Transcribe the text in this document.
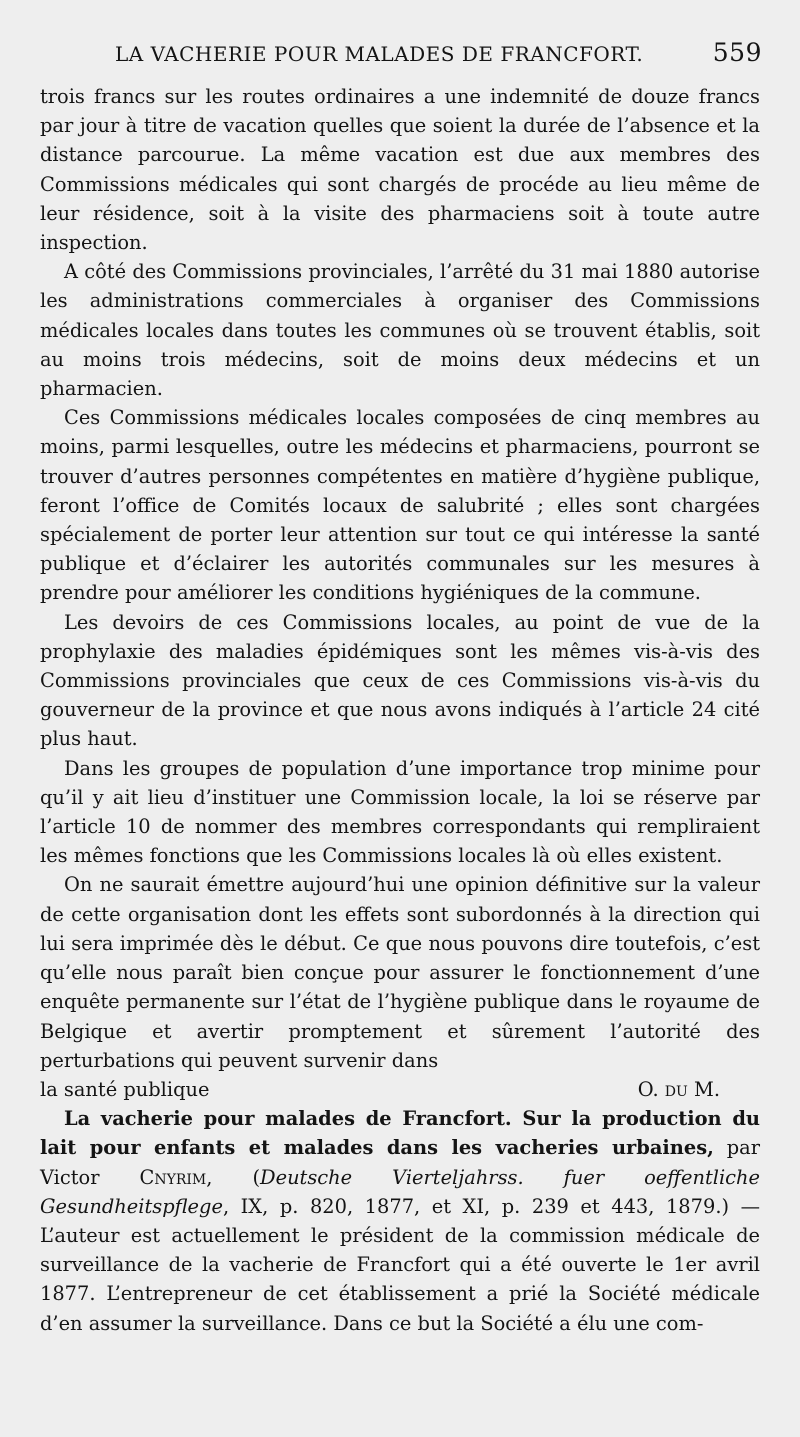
LA VACHERIE POUR MALADES DE FRANCFORT.	559

trois francs sur les routes ordinaires a une indemnité de douze francs par jour à titre de vacation quelles que soient la durée de l’absence et la distance parcourue. La même vacation est due aux membres des Commissions médicales qui sont chargés de procéde au lieu même de leur résidence, soit à la visite des pharmaciens soit à toute autre inspection.

A côté des Commissions provinciales, l’arrêté du 31 mai 1880 autorise les administrations commerciales à organiser des Commissions médicales locales dans toutes les communes où se trouvent établis, soit au moins trois médecins, soit de moins deux médecins et un pharmacien.

Ces Commissions médicales locales composées de cinq membres au moins, parmi lesquelles, outre les médecins et pharmaciens, pourront se trouver d’autres personnes compétentes en matière d’hygiène publique, feront l’office de Comités locaux de salubrité ; elles sont chargées spécialement de porter leur attention sur tout ce qui intéresse la santé publique et d’éclairer les autorités communales sur les mesures à prendre pour améliorer les conditions hygiéniques de la commune.

Les devoirs de ces Commissions locales, au point de vue de la prophylaxie des maladies épidémiques sont les mêmes vis-à-vis des Commissions provinciales que ceux de ces Commissions vis-à-vis du gouverneur de la province et que nous avons indiqués à l’article 24 cité plus haut.

Dans les groupes de population d’une importance trop minime pour qu’il y ait lieu d’instituer une Commission locale, la loi se réserve par l’article 10 de nommer des membres correspondants qui rempliraient les mêmes fonctions que les Commissions locales là où elles existent.

On ne saurait émettre aujourd’hui une opinion définitive sur la valeur de cette organisation dont les effets sont subordonnés à la direction qui lui sera imprimée dès le début. Ce que nous pouvons dire toutefois, c’est qu’elle nous paraît bien conçue pour assurer le fonctionnement d’une enquête permanente sur l’état de l’hygiène publique dans le royaume de Belgique et avertir promptement et sûrement l’autorité des perturbations qui peuvent survenir dans

la santé publique	O. du M.

La vacherie pour malades de Francfort. Sur la production du lait pour enfants et malades dans les vacheries urbaines, par Victor Cnyrim, (Deutsche Vierteljahrss. fuer oeffentliche Gesundheitspflege, IX, p. 820, 1877, et XI, p. 239 et 443, 1879.) — L’auteur est actuellement le président de la commission médicale de surveillance de la vacherie de Francfort qui a été ouverte le 1er avril 1877. L’entrepreneur de cet établissement a prié la Société médicale d’en assumer la surveillance. Dans ce but la Société a élu une com-
